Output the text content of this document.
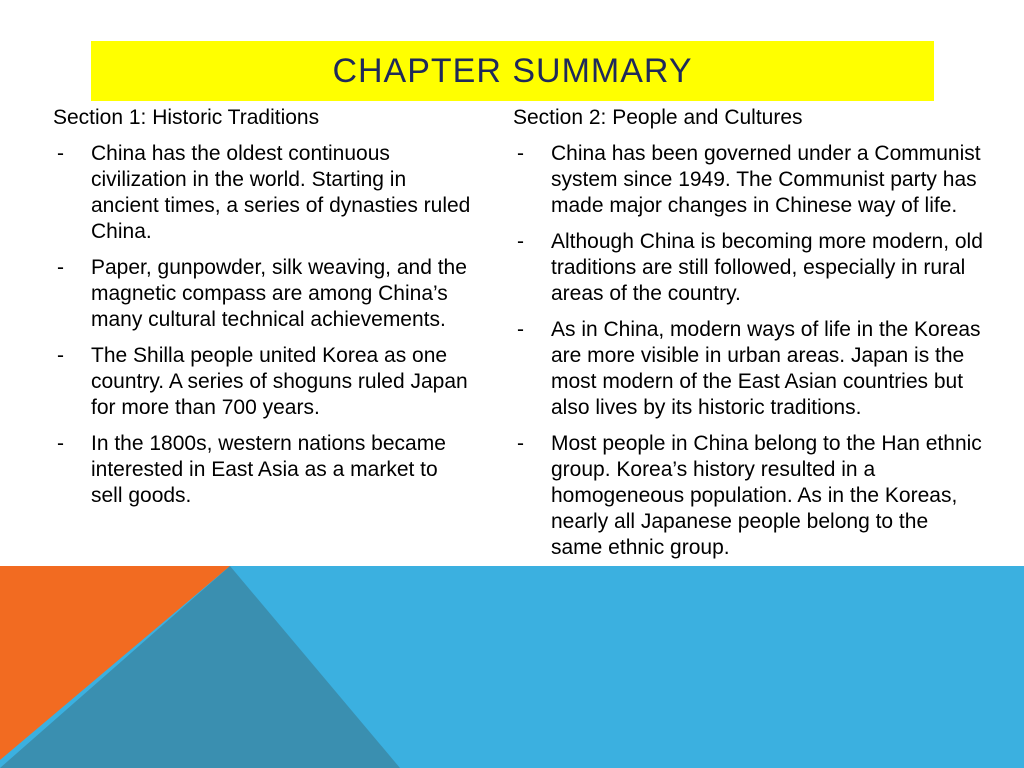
CHAPTER SUMMARY
Section 1: Historic Traditions
-	China has the oldest continuous civilization in the world. Starting in ancient times, a series of dynasties ruled China.
-	Paper, gunpowder, silk weaving, and the magnetic compass are among China’s many cultural technical achievements.
-	The Shilla people united Korea as one country. A series of shoguns ruled Japan for more than 700 years.
-	In the 1800s, western nations became interested in East Asia as a market to sell goods.
Section 2: People and Cultures
-	China has been governed under a Communist system since 1949. The Communist party has made major changes in Chinese way of life.
-	Although China is becoming more modern, old traditions are still followed, especially in rural areas of the country.
-	As in China, modern ways of life in the Koreas are more visible in urban areas. Japan is the most modern of the East Asian countries but also lives by its historic traditions.
-	Most people in China belong to the Han ethnic group. Korea’s history resulted in a homogeneous population. As in the Koreas, nearly all Japanese people belong to the same ethnic group.
